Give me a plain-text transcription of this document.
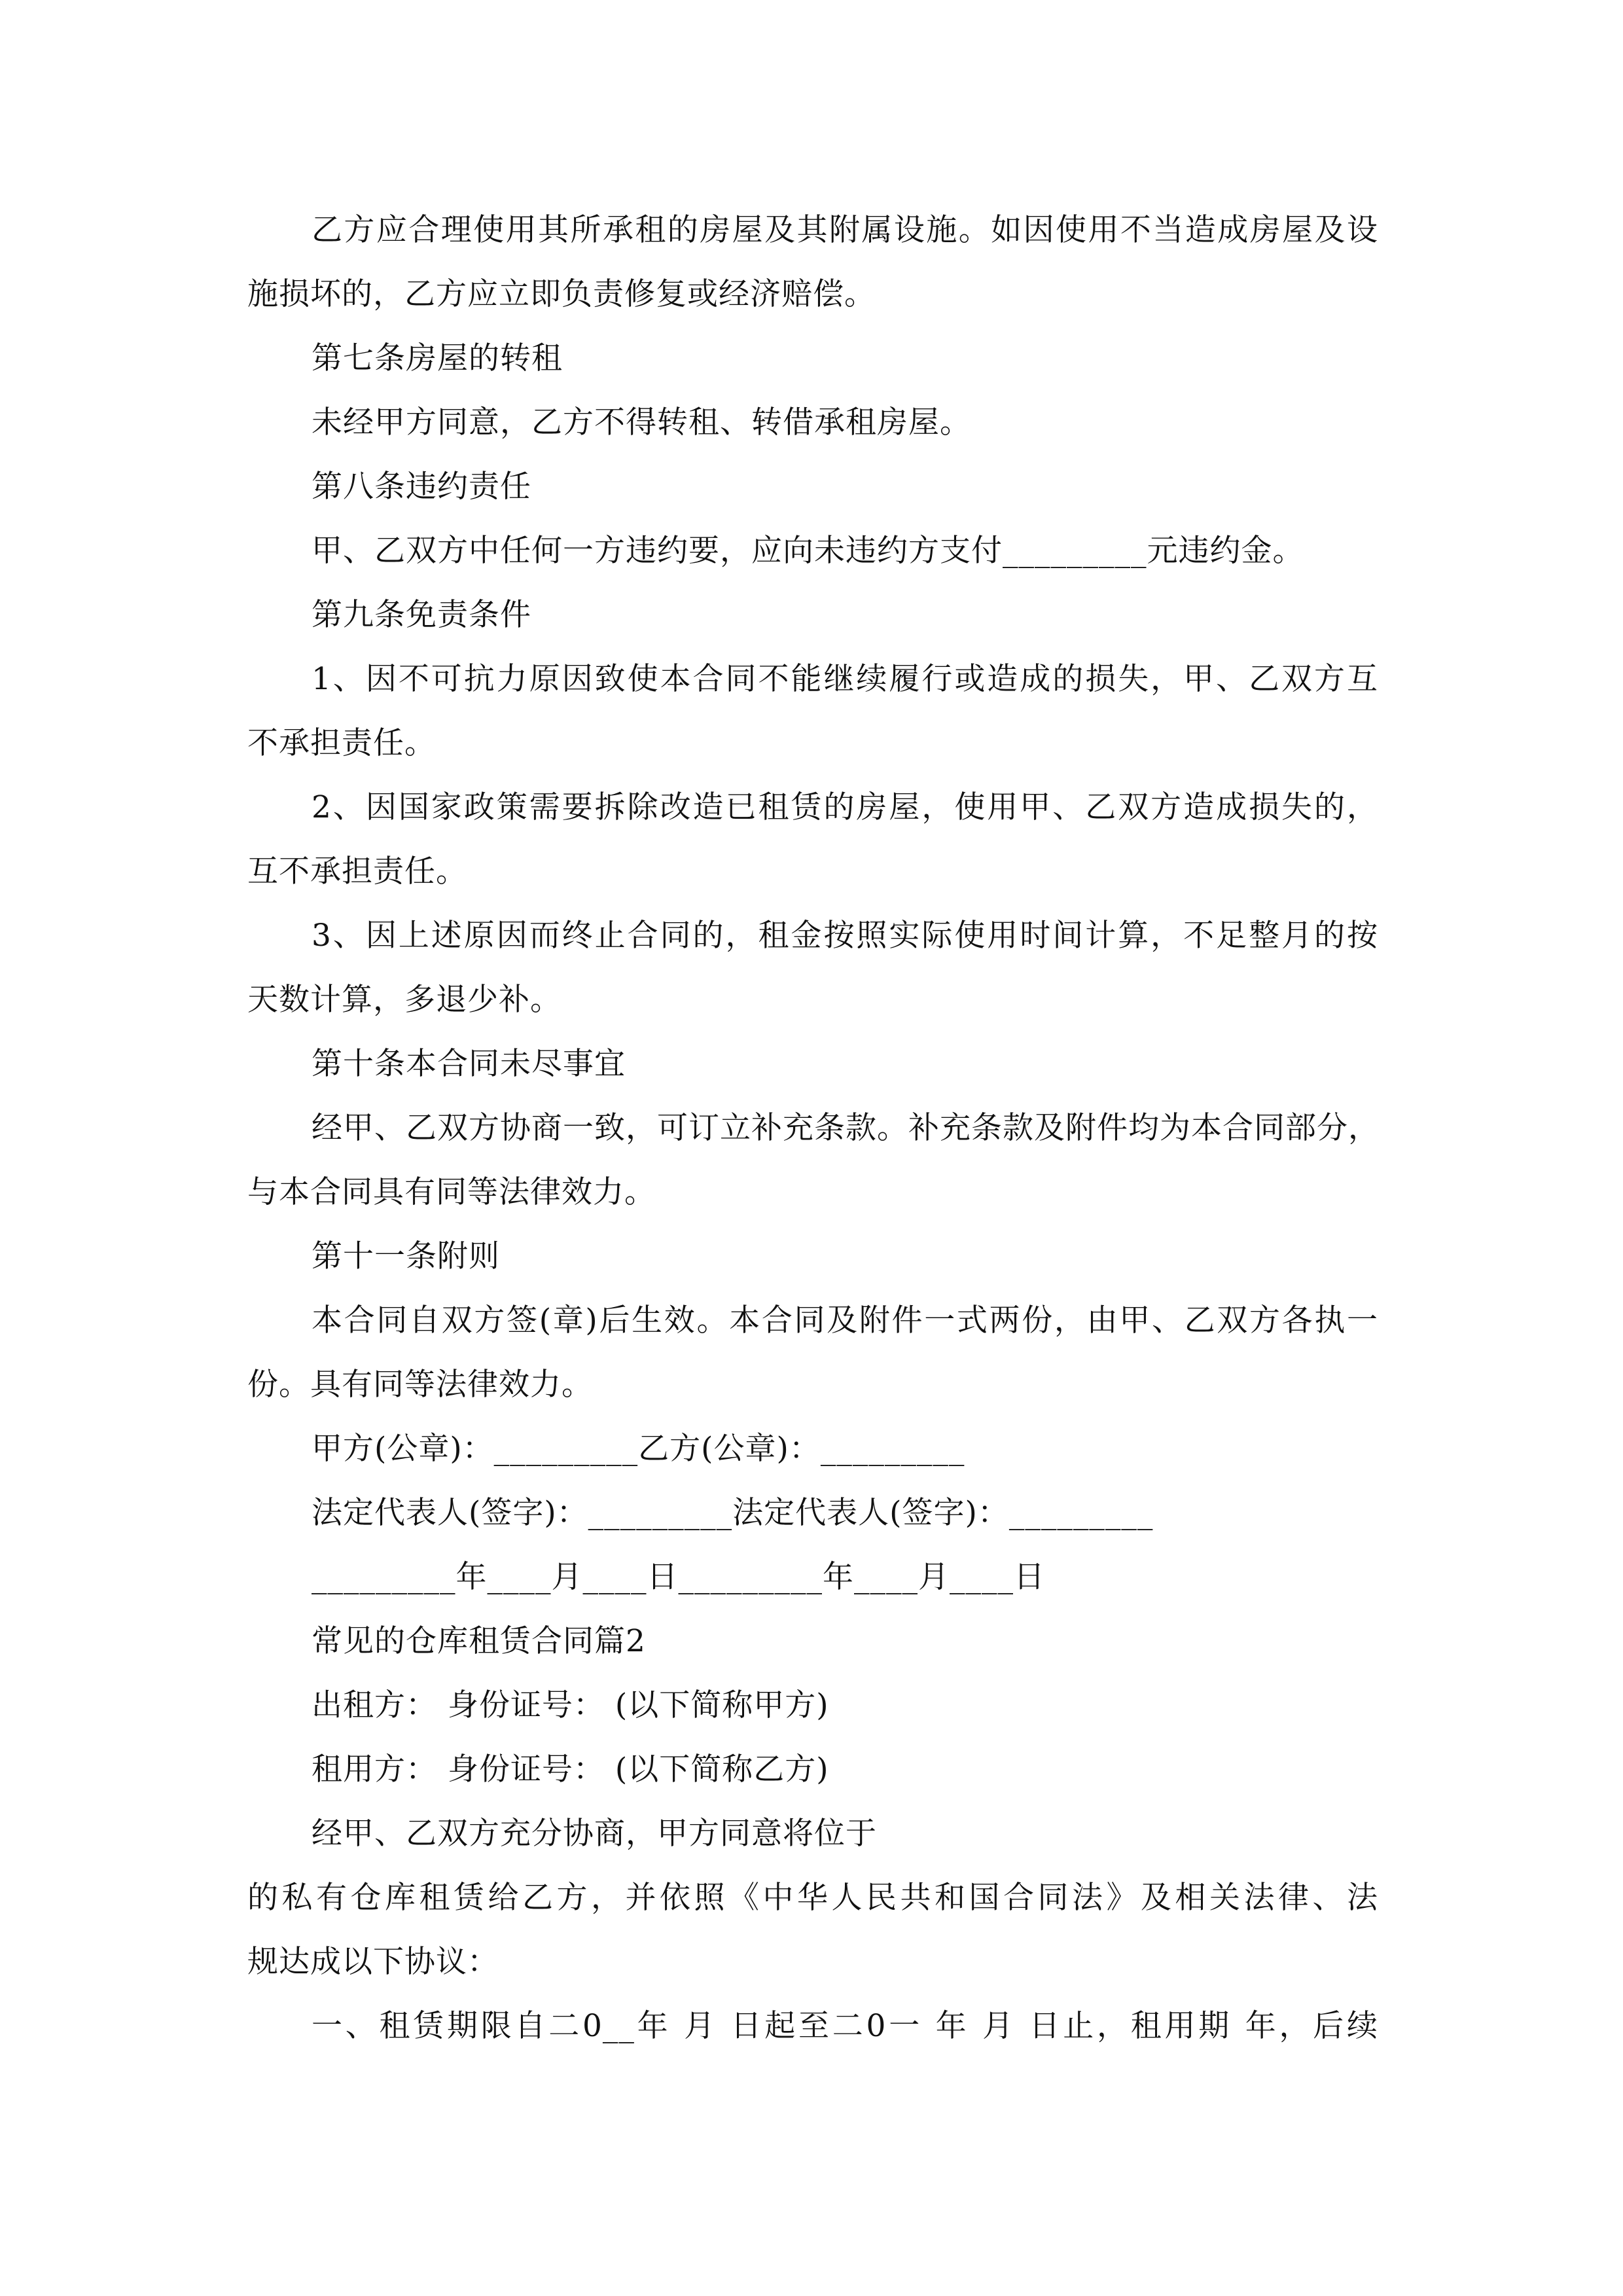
乙方应合理使用其所承租的房屋及其附属设施。如因使用不当造成房屋及设
施损坏的，乙方应立即负责修复或经济赔偿。
第七条房屋的转租
未经甲方同意，乙方不得转租、转借承租房屋。
第八条违约责任
甲、乙双方中任何一方违约要，应向未违约方支付_________元违约金。
第九条免责条件
1、因不可抗力原因致使本合同不能继续履行或造成的损失，甲、乙双方互
不承担责任。
2、因国家政策需要拆除改造已租赁的房屋，使用甲、乙双方造成损失的，
互不承担责任。
3、因上述原因而终止合同的，租金按照实际使用时间计算，不足整月的按
天数计算，多退少补。
第十条本合同未尽事宜
经甲、乙双方协商一致，可订立补充条款。补充条款及附件均为本合同部分，
与本合同具有同等法律效力。
第十一条附则
本合同自双方签(章)后生效。本合同及附件一式两份，由甲、乙双方各执一
份。具有同等法律效力。
甲方(公章)：_________乙方(公章)：_________
法定代表人(签字)：_________法定代表人(签字)：_________
_________年____月____日_________年____月____日
常见的仓库租赁合同篇2
出租方： 身份证号： (以下简称甲方)
租用方： 身份证号： (以下简称乙方)
经甲、乙双方充分协商，甲方同意将位于
的私有仓库租赁给乙方，并依照《中华人民共和国合同法》及相关法律、法
规达成以下协议：
一、租赁期限自二0__年 月 日起至二0一 年 月 日止，租用期 年，后续
